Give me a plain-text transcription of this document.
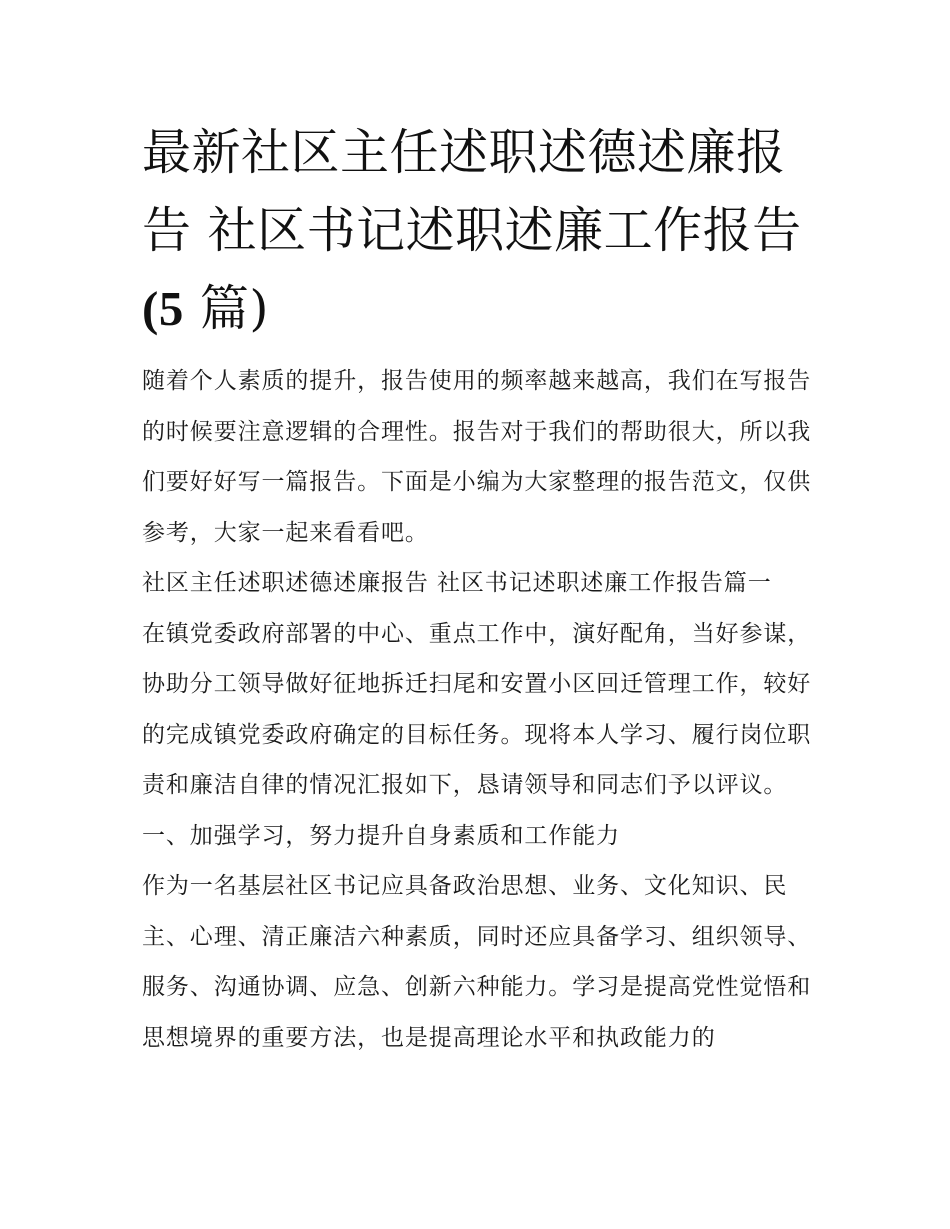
最新社区主任述职述德述廉报告 社区书记述职述廉工作报告
(5 篇)

随着个人素质的提升，报告使用的频率越来越高，我们在写报告的时候要注意逻辑的合理性。报告对于我们的帮助很大，所以我们要好好写一篇报告。下面是小编为大家整理的报告范文，仅供参考，大家一起来看看吧。

社区主任述职述德述廉报告 社区书记述职述廉工作报告篇一

在镇党委政府部署的中心、重点工作中，演好配角，当好参谋，协助分工领导做好征地拆迁扫尾和安置小区回迁管理工作，较好的完成镇党委政府确定的目标任务。现将本人学习、履行岗位职责和廉洁自律的情况汇报如下，恳请领导和同志们予以评议。

一、加强学习，努力提升自身素质和工作能力

作为一名基层社区书记应具备政治思想、业务、文化知识、民主、心理、清正廉洁六种素质，同时还应具备学习、组织领导、服务、沟通协调、应急、创新六种能力。学习是提高党性觉悟和思想境界的重要方法，也是提高理论水平和执政能力的
